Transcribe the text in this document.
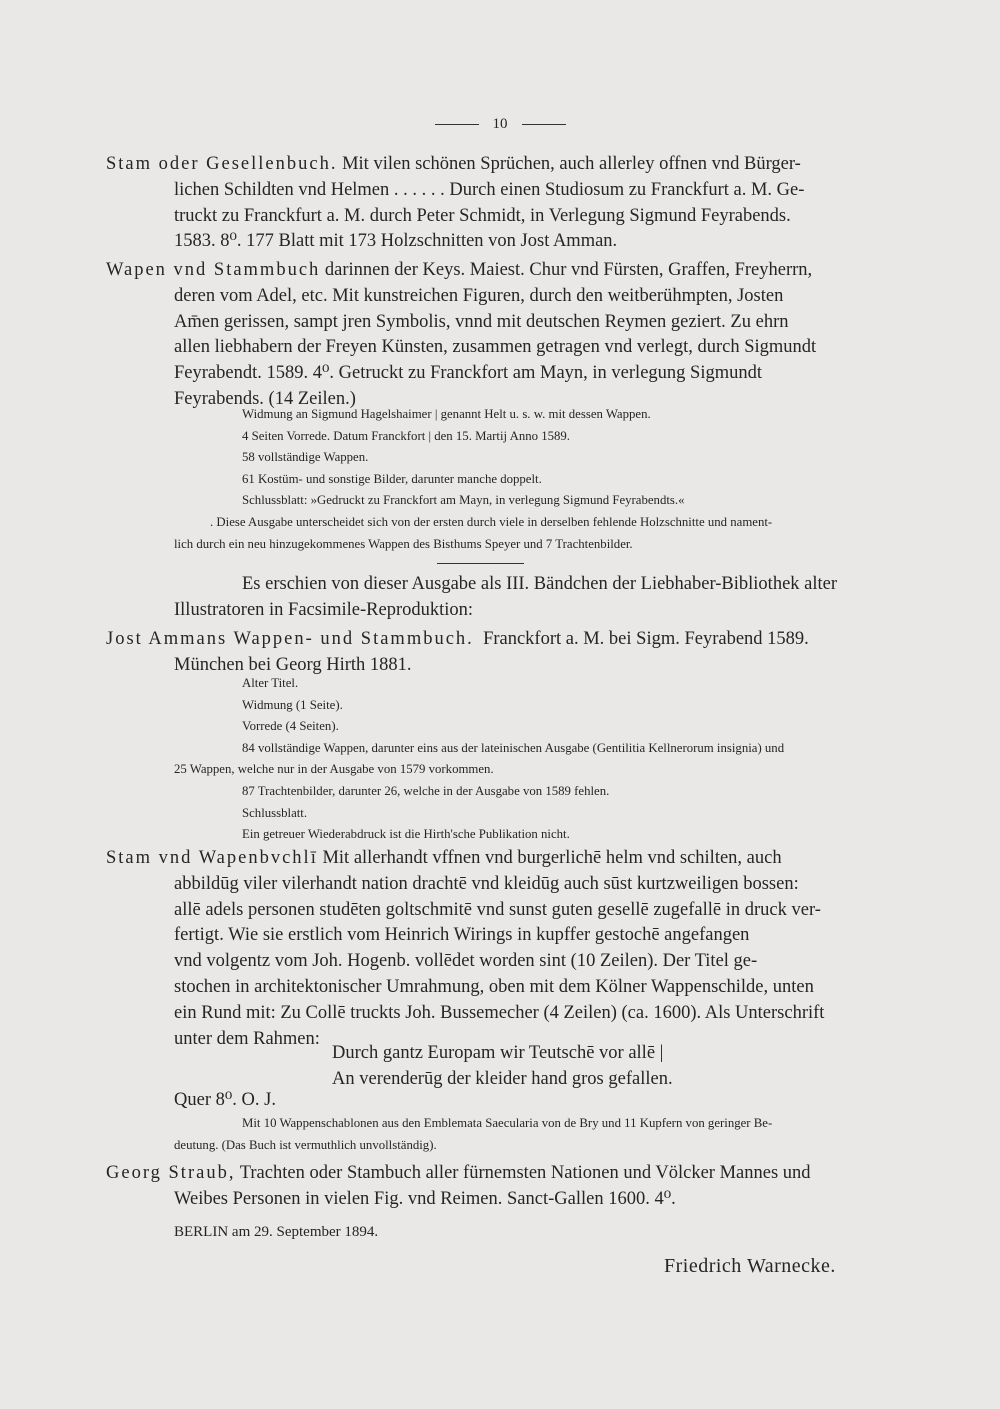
10
Stam oder Gesellenbuch. Mit vilen schönen Sprüchen, auch allerley offnen vnd Bürger-
lichen Schildten vnd Helmen . . . . . . Durch einen Studiosum zu Franckfurt a. M. Ge-
truckt zu Franckfurt a. M. durch Peter Schmidt, in Verlegung Sigmund Feyrabends.
1583. 8⁰. 177 Blatt mit 173 Holzschnitten von Jost Amman.
Wapen vnd Stammbuch darinnen der Keys. Maiest. Chur vnd Fürsten, Graffen, Freyherrn,
deren vom Adel, etc. Mit kunstreichen Figuren, durch den weitberühmpten, Josten
Am̄en gerissen, sampt jren Symbolis, vnnd mit deutschen Reymen geziert. Zu ehrn
allen liebhabern der Freyen Künsten, zusammen getragen vnd verlegt, durch Sigmundt
Feyrabendt. 1589. 4⁰. Getruckt zu Franckfort am Mayn, in verlegung Sigmundt
Feyrabends. (14 Zeilen.)
Widmung an Sigmund Hagelshaimer | genannt Helt u. s. w. mit dessen Wappen.
4 Seiten Vorrede. Datum Franckfort | den 15. Martij Anno 1589.
58 vollständige Wappen.
61 Kostüm- und sonstige Bilder, darunter manche doppelt.
Schlussblatt: »Gedruckt zu Franckfort am Mayn, in verlegung Sigmund Feyrabendts.«
. Diese Ausgabe unterscheidet sich von der ersten durch viele in derselben fehlende Holzschnitte und nament-
lich durch ein neu hinzugekommenes Wappen des Bisthums Speyer und 7 Trachtenbilder.
Es erschien von dieser Ausgabe als III. Bändchen der Liebhaber-Bibliothek alter
Illustratoren in Facsimile-Reproduktion:
Jost Ammans Wappen- und Stammbuch. Franckfort a. M. bei Sigm. Feyrabend 1589.
München bei Georg Hirth 1881.
Alter Titel.
Widmung (1 Seite).
Vorrede (4 Seiten).
84 vollständige Wappen, darunter eins aus der lateinischen Ausgabe (Gentilitia Kellnerorum insignia) und
25 Wappen, welche nur in der Ausgabe von 1579 vorkommen.
87 Trachtenbilder, darunter 26, welche in der Ausgabe von 1589 fehlen.
Schlussblatt.
Ein getreuer Wiederabdruck ist die Hirth'sche Publikation nicht.
Stam vnd Wapenbvchlī Mit allerhandt vffnen vnd burgerlichē helm vnd schilten, auch
abbildūg viler vilerhandt nation drachtē vnd kleidūg auch sūst kurtzweiligen bossen:
allē adels personen studēten goltschmitē vnd sunst guten gesellē zugefallē in druck ver-
fertigt. Wie sie erstlich vom Heinrich Wirings in kupffer gestochē angefangen
vnd volgentz vom Joh. Hogenb. vollēdet worden sint (10 Zeilen). Der Titel ge-
stochen in architektonischer Umrahmung, oben mit dem Kölner Wappenschilde, unten
ein Rund mit: Zu Collē truckts Joh. Bussemecher (4 Zeilen) (ca. 1600). Als Unterschrift
unter dem Rahmen:
Durch gantz Europam wir Teutschē vor allē |
An verenderūg der kleider hand gros gefallen.
Quer 8⁰. O. J.
Mit 10 Wappenschablonen aus den Emblemata Saecularia von de Bry und 11 Kupfern von geringer Be-
deutung. (Das Buch ist vermuthlich unvollständig).
Georg Straub, Trachten oder Stambuch aller fürnemsten Nationen und Völcker Mannes und
Weibes Personen in vielen Fig. vnd Reimen. Sanct-Gallen 1600. 4⁰.
BERLIN am 29. September 1894.
Friedrich Warnecke.
